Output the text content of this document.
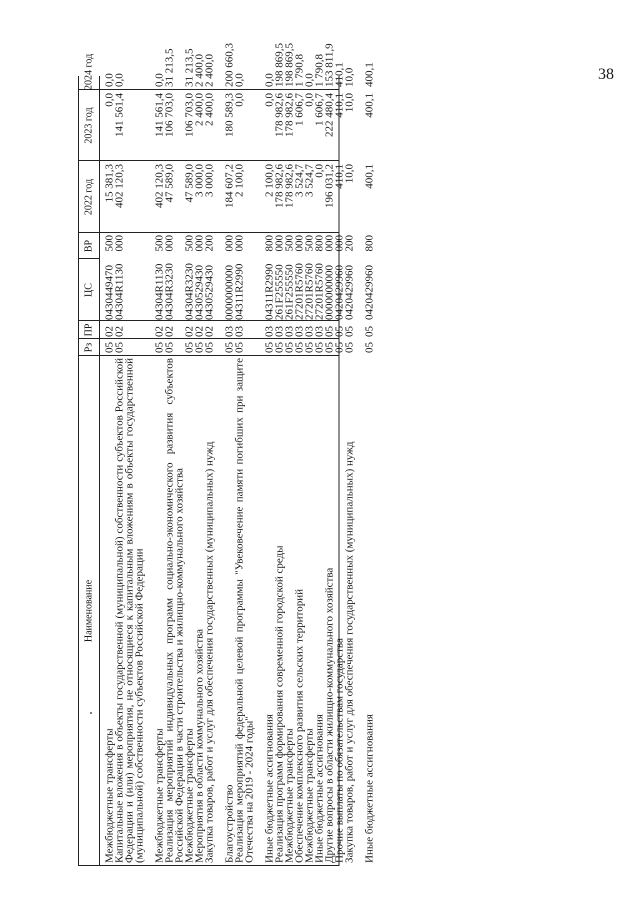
38
Наименование
Рз
ПР
ЦС
ВР
2022 год
2023 год
2024 год
Межбюджетные трансферты
05
02
0430449470
500
15 381,3
0,0
0,0
Капитальные вложения в объекты государственной (муниципальной) собственности субъектов Российской Федерации и (или) мероприятия, не относящиеся к капитальным вложениям в объекты государственной (муниципальной) собственности субъектов Российской Федерации
05
02
04304R1130
000
402 120,3
141 561,4
0,0
Межбюджетные трансферты
05
02
04304R1130
500
402 120,3
141 561,4
0,0
Реализация мероприятий индивидуальных программ социально-экономического развития субъектов Российской Федерации в части строительства и жилищно-коммунального хозяйства
05
02
04304R3230
000
47 589,0
106 703,0
31 213,5
Межбюджетные трансферты
05
02
04304R3230
500
47 589,0
106 703,0
31 213,5
Мероприятия в области коммунального хозяйства
05
02
0430529430
000
3 000,0
2 400,0
2 400,0
Закупка товаров, работ и услуг для обеспечения государственных (муниципальных) нужд
05
02
0430529430
200
3 000,0
2 400,0
2 400,0
Благоустройство
05
03
0000000000
000
184 607,2
180 589,3
200 660,3
Реализация мероприятий федеральной целевой программы "Увековечение памяти погибших при защите Отечества на 2019 - 2024 годы"
05
03
04311R2990
000
2 100,0
0,0
0,0
Иные бюджетные ассигнования
05
03
04311R2990
800
2 100,0
0,0
0,0
Реализация программ формирования современной городской среды
05
03
261F255550
000
178 982,6
178 982,6
198 869,5
Межбюджетные трансферты
05
03
261F255550
500
178 982,6
178 982,6
198 869,5
Обеспечение комплексного развития сельских территорий
05
03
27201R5760
000
3 524,7
1 606,7
1 790,8
Межбюджетные трансферты
05
03
27201R5760
500
3 524,7
0,0
0,0
Иные бюджетные ассигнования
05
03
27201R5760
800
0,0
1 606,7
1 790,8
Другие вопросы в области жилищно-коммунального хозяйства
05
05
0000000000
000
196 031,2
222 480,4
153 811,9
Прочие выплаты по обязательствам государства
05
05
0420429960
000
410,1
410,1
410,1
Закупка товаров, работ и услуг для обеспечения государственных (муниципальных) нужд
05
05
0420429960
200
10,0
10,0
10,0
Иные бюджетные ассигнования
05
05
0420429960
800
400,1
400,1
400,1
